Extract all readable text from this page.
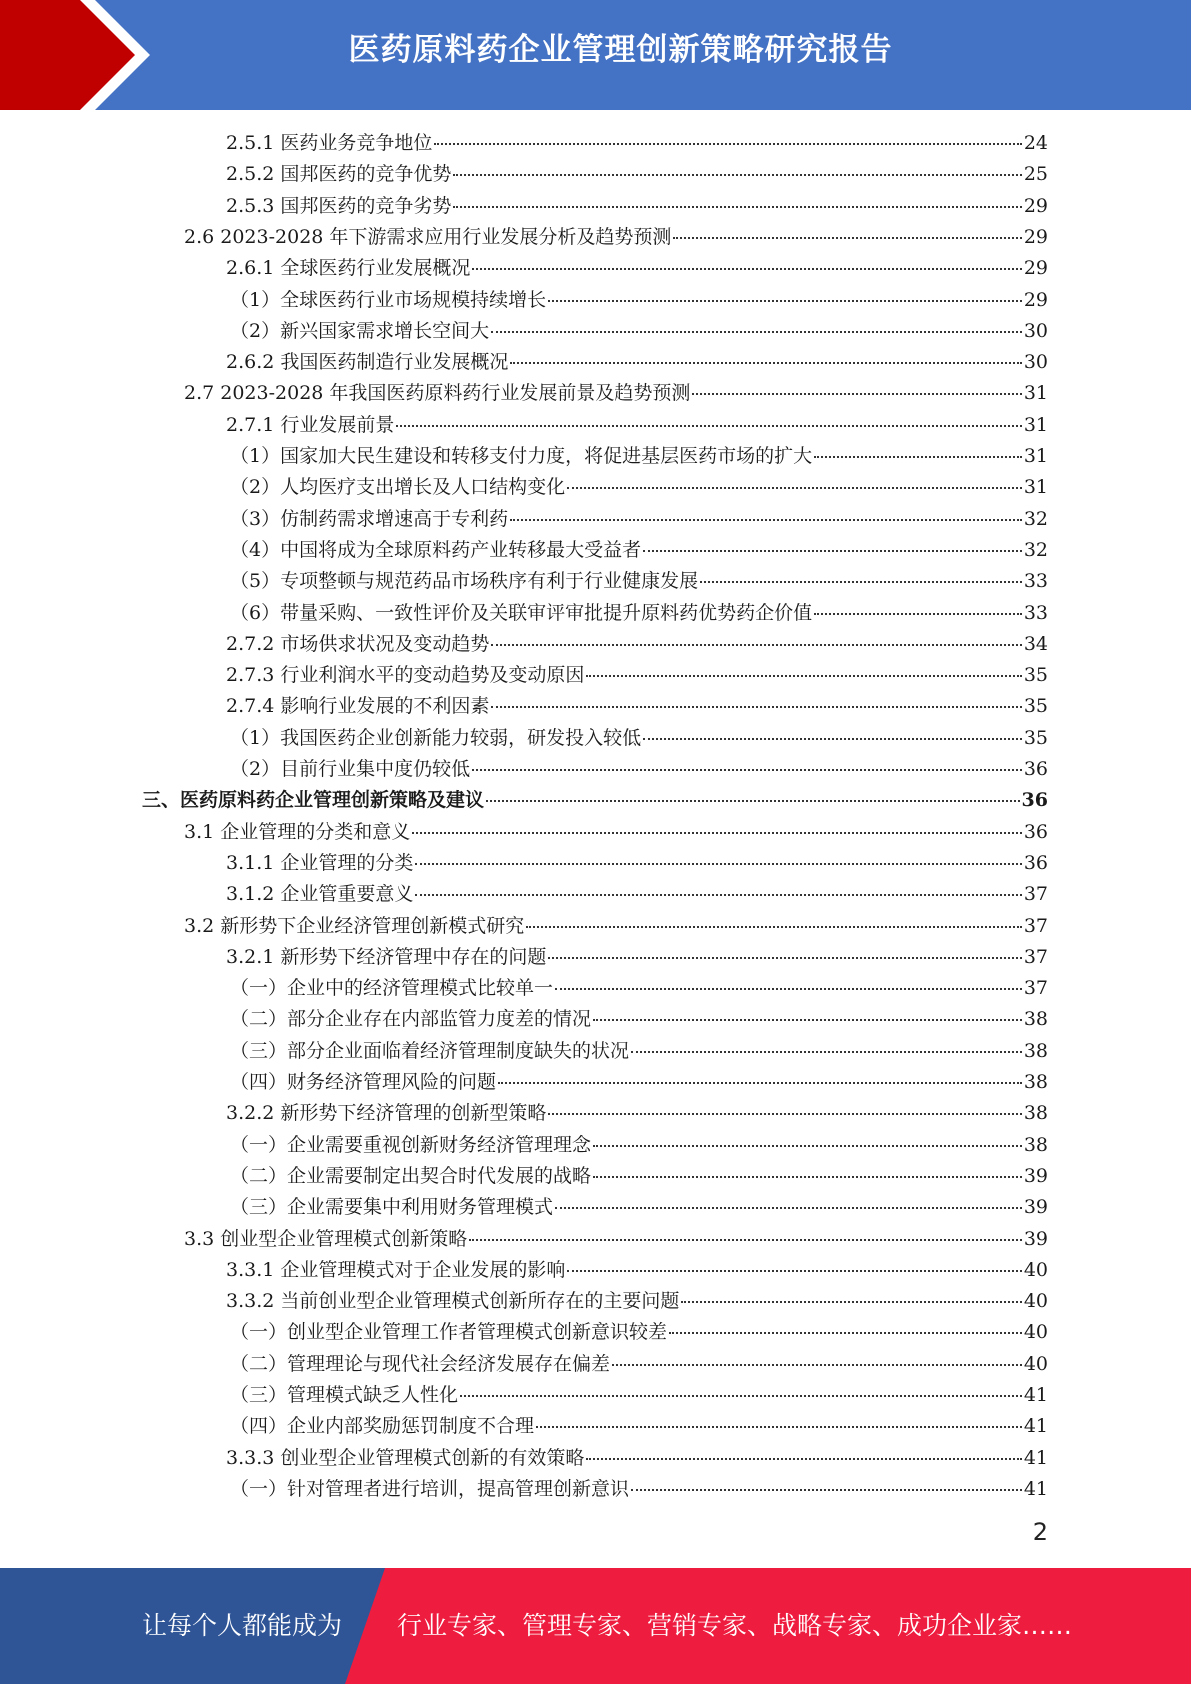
医药原料药企业管理创新策略研究报告
2.5.1 医药业务竞争地位	24
2.5.2 国邦医药的竞争优势	25
2.5.3 国邦医药的竞争劣势	29
2.6 2023-2028 年下游需求应用行业发展分析及趋势预测	29
2.6.1 全球医药行业发展概况	29
（1）全球医药行业市场规模持续增长	29
（2）新兴国家需求增长空间大	30
2.6.2 我国医药制造行业发展概况	30
2.7 2023-2028 年我国医药原料药行业发展前景及趋势预测	31
2.7.1 行业发展前景	31
（1）国家加大民生建设和转移支付力度，将促进基层医药市场的扩大	31
（2）人均医疗支出增长及人口结构变化	31
（3）仿制药需求增速高于专利药	32
（4）中国将成为全球原料药产业转移最大受益者	32
（5）专项整顿与规范药品市场秩序有利于行业健康发展	33
（6）带量采购、一致性评价及关联审评审批提升原料药优势药企价值	33
2.7.2 市场供求状况及变动趋势	34
2.7.3 行业利润水平的变动趋势及变动原因	35
2.7.4 影响行业发展的不利因素	35
（1）我国医药企业创新能力较弱，研发投入较低	35
（2）目前行业集中度仍较低	36
三、医药原料药企业管理创新策略及建议	36
3.1 企业管理的分类和意义	36
3.1.1 企业管理的分类	36
3.1.2 企业管重要意义	37
3.2 新形势下企业经济管理创新模式研究	37
3.2.1 新形势下经济管理中存在的问题	37
（一）企业中的经济管理模式比较单一	37
（二）部分企业存在内部监管力度差的情况	38
（三）部分企业面临着经济管理制度缺失的状况	38
（四）财务经济管理风险的问题	38
3.2.2 新形势下经济管理的创新型策略	38
（一）企业需要重视创新财务经济管理理念	38
（二）企业需要制定出契合时代发展的战略	39
（三）企业需要集中利用财务管理模式	39
3.3 创业型企业管理模式创新策略	39
3.3.1 企业管理模式对于企业发展的影响	40
3.3.2 当前创业型企业管理模式创新所存在的主要问题	40
（一）创业型企业管理工作者管理模式创新意识较差	40
（二）管理理论与现代社会经济发展存在偏差	40
（三）管理模式缺乏人性化	41
（四）企业内部奖励惩罚制度不合理	41
3.3.3 创业型企业管理模式创新的有效策略	41
（一）针对管理者进行培训，提高管理创新意识	41
2
让每个人都能成为 行业专家、管理专家、营销专家、战略专家、成功企业家……
